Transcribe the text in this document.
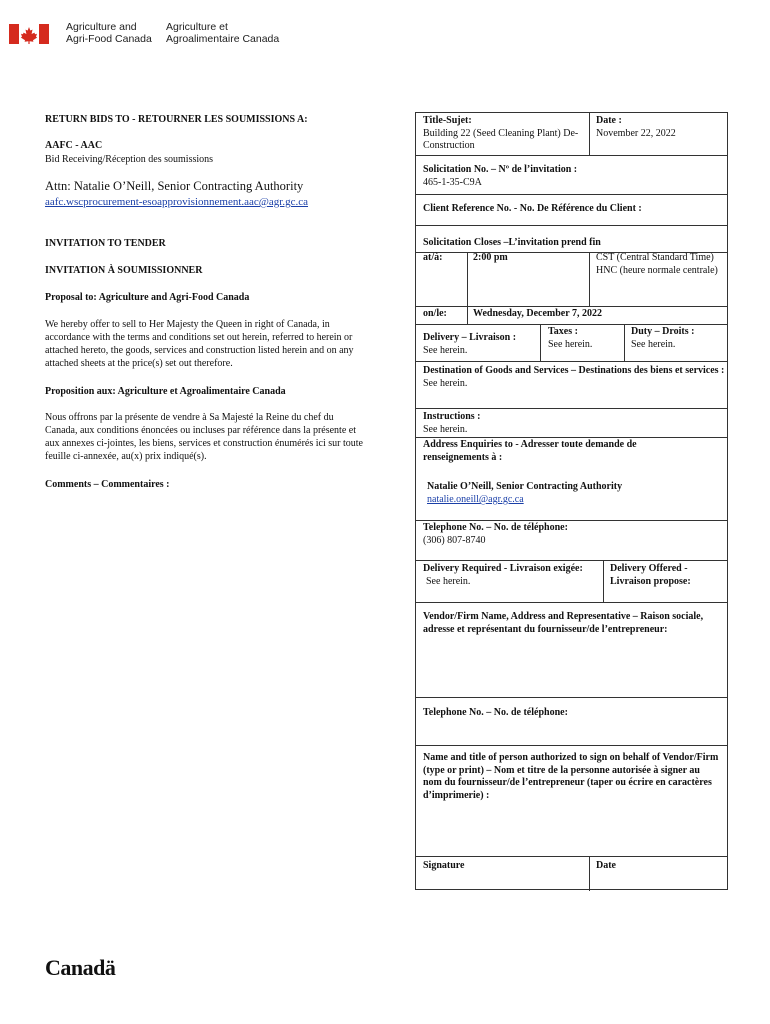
Agriculture and
Agri-Food Canada
Agriculture et
Agroalimentaire Canada
RETURN BIDS TO - RETOURNER LES SOUMISSIONS A:
AAFC - AAC
Bid Receiving/Réception des soumissions
Attn: Natalie O’Neill, Senior Contracting Authority
aafc.wscprocurement-esoapprovisionnement.aac@agr.gc.ca
INVITATION TO TENDER
INVITATION À SOUMISSIONNER
Proposal to: Agriculture and Agri-Food Canada
We hereby offer to sell to Her Majesty the Queen in right of Canada, in accordance with the terms and conditions set out herein, referred to herein or attached hereto, the goods, services and construction listed herein and on any attached sheets at the price(s) set out therefore.
Proposition aux: Agriculture et Agroalimentaire Canada
Nous offrons par la présente de vendre à Sa Majesté la Reine du chef du Canada, aux conditions énoncées ou incluses par référence dans la présente et aux annexes ci-jointes, les biens, services et construction énumérés ici sur toute feuille ci-annexée, au(x) prix indiqué(s).
Comments – Commentaires :
Title-Sujet:
Building 22 (Seed Cleaning Plant) De-Construction
Date :
November 22, 2022
Solicitation No. – Nº de l’invitation :
465-1-35-C9A
Client Reference No. - No. De Référence du Client :
Solicitation Closes –L’invitation prend fin
at/à:	2:00 pm	CST (Central Standard Time)
HNC (heure normale centrale)
on/le:	Wednesday, December 7, 2022
Delivery – Livraison :
See herein.
Taxes :
See herein.
Duty – Droits :
See herein.
Destination of Goods and Services – Destinations des biens et services :
See herein.
Instructions :
See herein.
Address Enquiries to - Adresser toute demande de renseignements à :
Natalie O’Neill, Senior Contracting Authority
natalie.oneill@agr.gc.ca
Telephone No. – No. de téléphone:
(306) 807-8740
Delivery Required - Livraison exigée:
See herein.
Delivery Offered - Livraison propose:
Vendor/Firm Name, Address and Representative – Raison sociale, adresse et représentant du fournisseur/de l’entrepreneur:
Telephone No. – No. de téléphone:
Name and title of person authorized to sign on behalf of Vendor/Firm (type or print) – Nom et titre de la personne autorisée à signer au nom du fournisseur/de l’entrepreneur (taper ou écrire en caractères d’imprimerie) :
Signature	Date
Canadä
